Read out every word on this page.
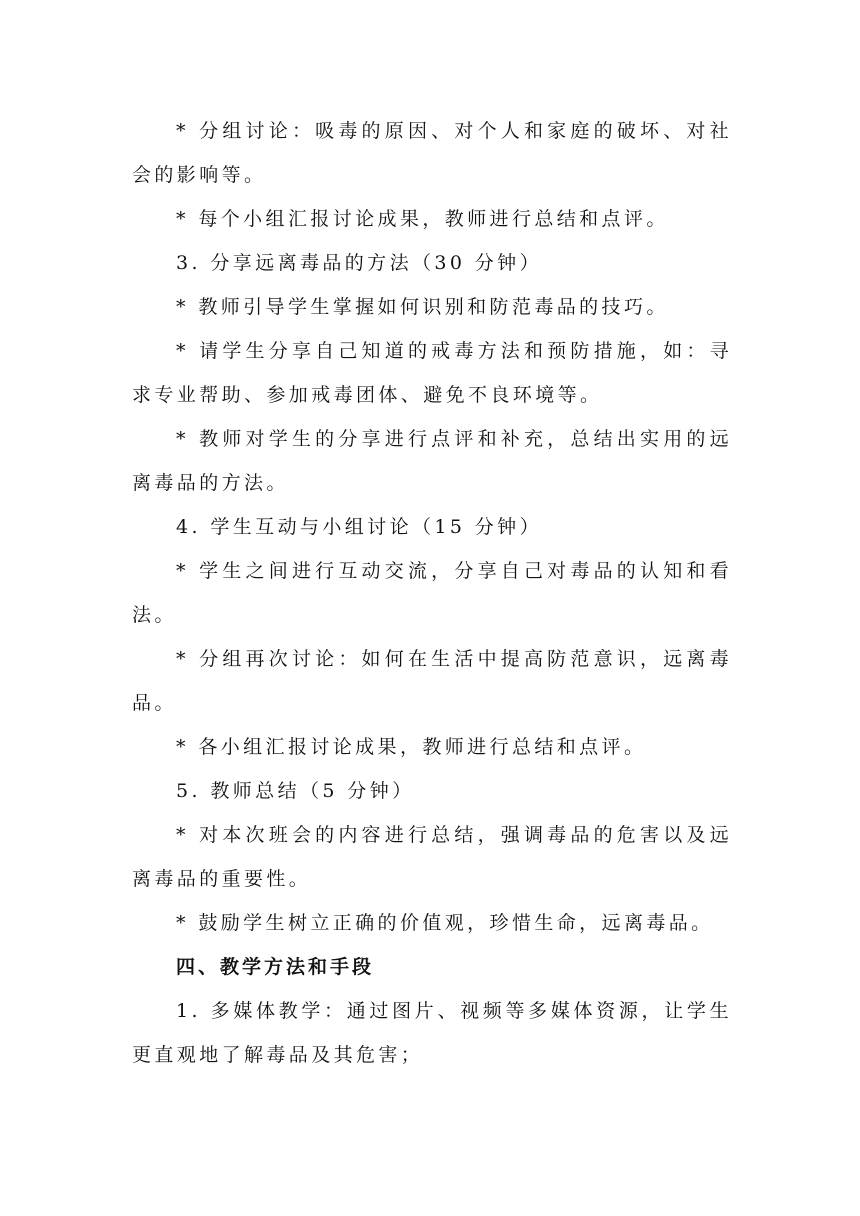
* 分组讨论：吸毒的原因、对个人和家庭的破坏、对社会的影响等。

* 每个小组汇报讨论成果，教师进行总结和点评。

3. 分享远离毒品的方法（30 分钟）

* 教师引导学生掌握如何识别和防范毒品的技巧。

* 请学生分享自己知道的戒毒方法和预防措施，如：寻求专业帮助、参加戒毒团体、避免不良环境等。

* 教师对学生的分享进行点评和补充，总结出实用的远离毒品的方法。

4. 学生互动与小组讨论（15 分钟）

* 学生之间进行互动交流，分享自己对毒品的认知和看法。

* 分组再次讨论：如何在生活中提高防范意识，远离毒品。

* 各小组汇报讨论成果，教师进行总结和点评。

5. 教师总结（5 分钟）

* 对本次班会的内容进行总结，强调毒品的危害以及远离毒品的重要性。

* 鼓励学生树立正确的价值观，珍惜生命，远离毒品。

四、教学方法和手段

1. 多媒体教学：通过图片、视频等多媒体资源，让学生更直观地了解毒品及其危害；
